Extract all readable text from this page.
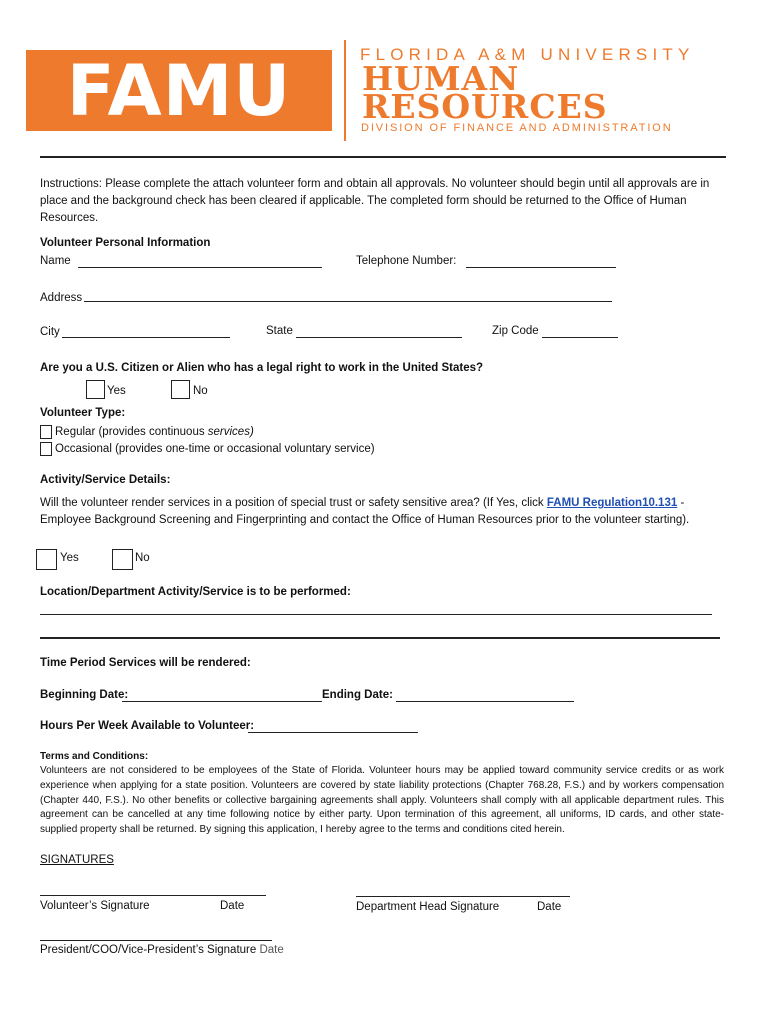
FAMU	FLORIDA A&M UNIVERSITY
HUMAN
RESOURCES
DIVISION OF FINANCE AND ADMINISTRATION
Instructions: Please complete the attach volunteer form and obtain all approvals. No volunteer should begin until all approvals are in place and the background check has been cleared if applicable. The completed form should be returned to the Office of Human Resources.
Volunteer Personal Information
Name	Telephone Number:
Address
City	State	Zip Code
Are you a U.S. Citizen or Alien who has a legal right to work in the United States?
Yes	No
Volunteer Type:
Regular (provides continuous services)
Occasional (provides one-time or occasional voluntary service)
Activity/Service Details:
Will the volunteer render services in a position of special trust or safety sensitive area? (If Yes, click FAMU Regulation10.131 - Employee Background Screening and Fingerprinting and contact the Office of Human Resources prior to the volunteer starting).
Yes	No
Location/Department Activity/Service is to be performed:
Time Period Services will be rendered:
Beginning Date:	Ending Date:
Hours Per Week Available to Volunteer:
Terms and Conditions:
Volunteers are not considered to be employees of the State of Florida. Volunteer hours may be applied toward community service credits or as work experience when applying for a state position. Volunteers are covered by state liability protections (Chapter 768.28, F.S.) and by workers compensation (Chapter 440, F.S.). No other benefits or collective bargaining agreements shall apply. Volunteers shall comply with all applicable department rules. This agreement can be cancelled at any time following notice by either party. Upon termination of this agreement, all uniforms, ID cards, and other state-supplied property shall be returned. By signing this application, I hereby agree to the terms and conditions cited herein.
SIGNATURES
Volunteer’s Signature	Date	Department Head Signature	Date
President/COO/Vice-President’s Signature Date
